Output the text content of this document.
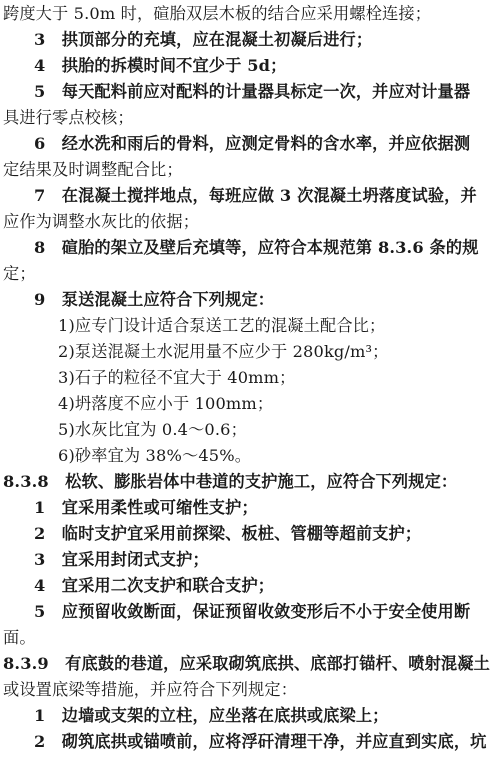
跨度大于 5.0m 时，碹胎双层木板的结合应采用螺栓连接；
3　拱顶部分的充填，应在混凝土初凝后进行；
4　拱胎的拆模时间不宜少于 5d；
5　每天配料前应对配料的计量器具标定一次，并应对计量器
具进行零点校核；
6　经水洗和雨后的骨料，应测定骨料的含水率，并应依据测
定结果及时调整配合比；
7　在混凝土搅拌地点，每班应做 3 次混凝土坍落度试验，并
应作为调整水灰比的依据；
8　碹胎的架立及壁后充填等，应符合本规范第 8.3.6 条的规
定；
9　泵送混凝土应符合下列规定：
1)应专门设计适合泵送工艺的混凝土配合比；
2)泵送混凝土水泥用量不应少于 280kg/m³；
3)石子的粒径不宜大于 40mm；
4)坍落度不应小于 100mm；
5)水灰比宜为 0.4～0.6；
6)砂率宜为 38%～45%。
8.3.8　松软、膨胀岩体中巷道的支护施工，应符合下列规定：
1　宜采用柔性或可缩性支护；
2　临时支护宜采用前探梁、板桩、管棚等超前支护；
3　宜采用封闭式支护；
4　宜采用二次支护和联合支护；
5　应预留收敛断面，保证预留收敛变形后不小于安全使用断
面。
8.3.9　有底鼓的巷道，应采取砌筑底拱、底部打锚杆、喷射混凝土
或设置底梁等措施，并应符合下列规定：
1　边墙或支架的立柱，应坐落在底拱或底梁上；
2　砌筑底拱或锚喷前，应将浮矸清理干净，并应直到实底，坑
